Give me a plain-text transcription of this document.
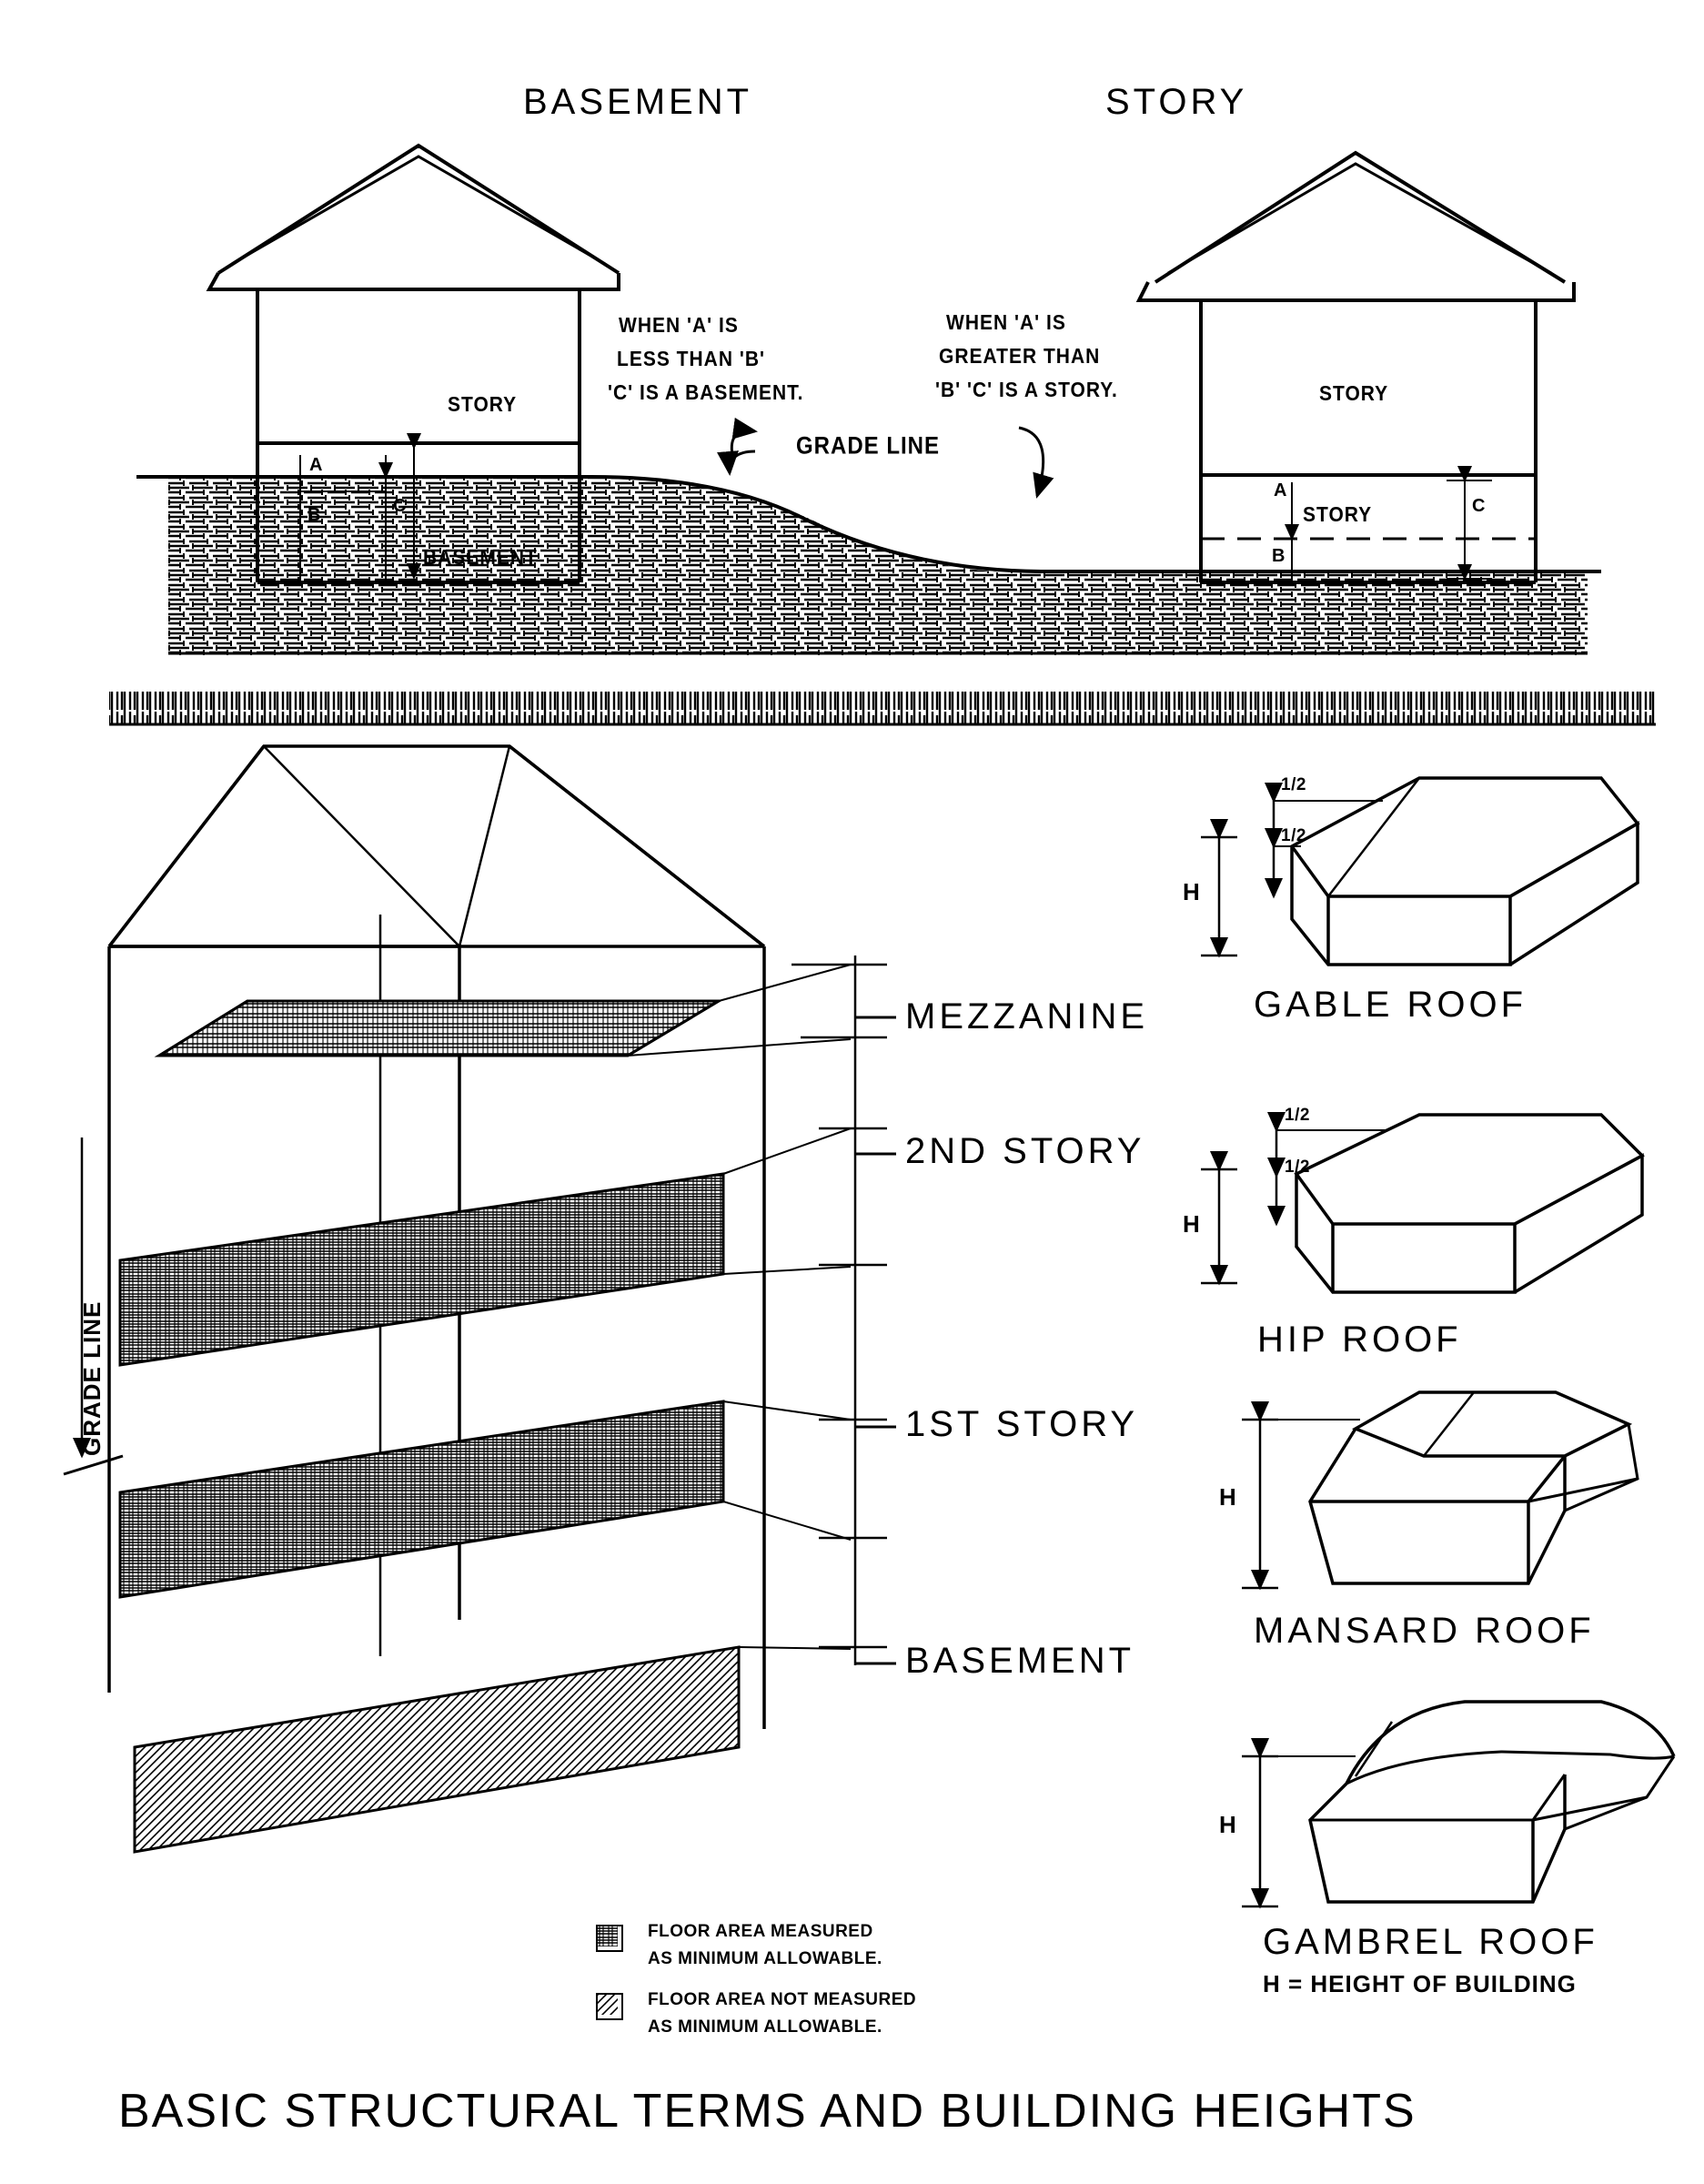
BASEMENT	STORY
WHEN 'A' IS
LESS THAN 'B'
'C' IS A BASEMENT.
WHEN 'A' IS
GREATER THAN
'B' 'C' IS A STORY.
GRADE LINE
STORY
BASEMENT
A
B	C
STORY
STORY
A
B
C
GRADE LINE
MEZZANINE
2ND STORY
1ST STORY
BASEMENT
GABLE ROOF
HIP ROOF
MANSARD ROOF
GAMBREL ROOF
H = HEIGHT OF BUILDING
H
H
H
H
1/2
1/2
1/2
1/2
FLOOR AREA MEASURED
AS MINIMUM ALLOWABLE.
FLOOR AREA NOT MEASURED
AS MINIMUM ALLOWABLE.
BASIC STRUCTURAL TERMS AND BUILDING HEIGHTS
